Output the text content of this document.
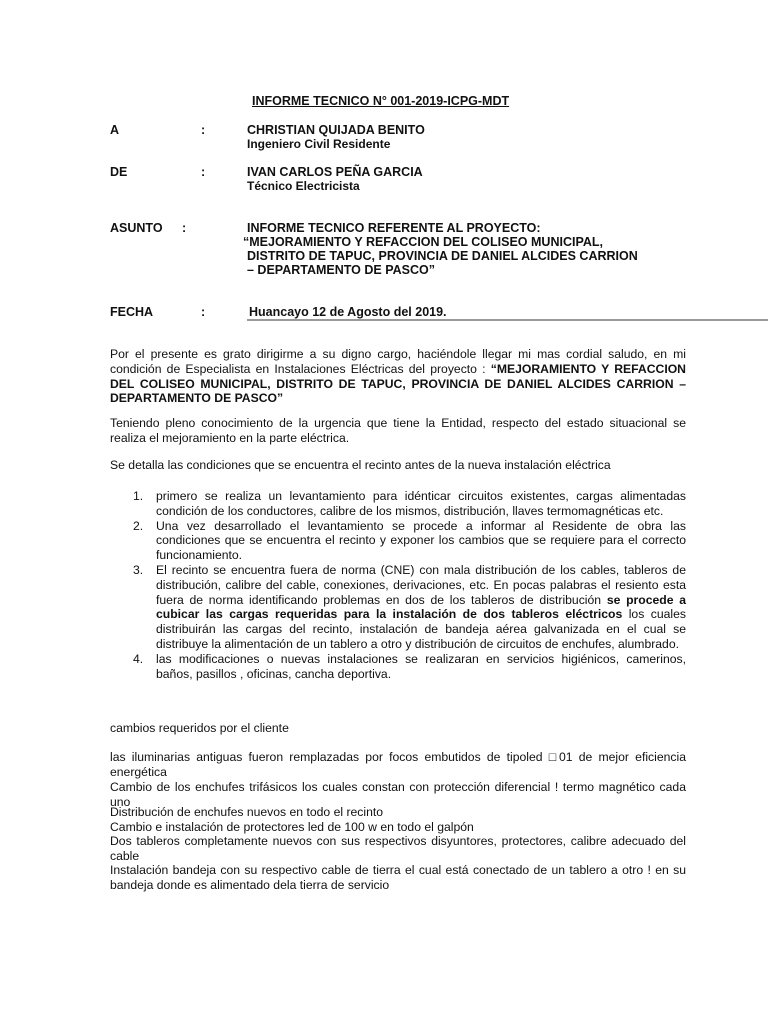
INFORME TECNICO N° 001-2019-ICPG-MDT
A	:	CHRISTIAN QUIJADA BENITO
Ingeniero Civil Residente
DE	:	IVAN CARLOS PEÑA GARCIA
Técnico Electricista
ASUNTO :	INFORME TECNICO REFERENTE AL PROYECTO:
“MEJORAMIENTO Y REFACCION DEL COLISEO MUNICIPAL,
DISTRITO DE TAPUC, PROVINCIA DE DANIEL ALCIDES CARRION
– DEPARTAMENTO DE PASCO”
FECHA	:	Huancayo 12 de Agosto del 2019.
Por el presente es grato dirigirme a su digno cargo, haciéndole llegar mi mas cordial saludo, en mi condición de Especialista en Instalaciones Eléctricas del proyecto : “MEJORAMIENTO Y REFACCION DEL COLISEO MUNICIPAL, DISTRITO DE TAPUC, PROVINCIA DE DANIEL ALCIDES CARRION – DEPARTAMENTO DE PASCO”
Teniendo pleno conocimiento de la urgencia que tiene la Entidad, respecto del estado situacional se realiza el mejoramiento en la parte eléctrica.
Se detalla las condiciones que se encuentra el recinto antes de la nueva instalación eléctrica
1. primero se realiza un levantamiento para idénticar circuitos existentes, cargas alimentadas condición de los conductores, calibre de los mismos, distribución, llaves termomagnéticas etc.
2. Una vez desarrollado el levantamiento se procede a informar al Residente de obra las condiciones que se encuentra el recinto y exponer los cambios que se requiere para el correcto funcionamiento.
3. El recinto se encuentra fuera de norma (CNE) con mala distribución de los cables, tableros de distribución, calibre del cable, conexiones, derivaciones, etc. En pocas palabras el resiento esta fuera de norma identificando problemas en dos de los tableros de distribución se procede a cubicar las cargas requeridas para la instalación de dos tableros eléctricos los cuales distribuirán las cargas del recinto, instalación de bandeja aérea galvanizada en el cual se distribuye la alimentación de un tablero a otro y distribución de circuitos de enchufes, alumbrado.
4. las modificaciones o nuevas instalaciones se realizaran en servicios higiénicos, camerinos, baños, pasillos , oficinas, cancha deportiva.
cambios requeridos por el cliente
las iluminarias antiguas fueron remplazadas por focos embutidos de tipoled □01 de mejor eficiencia energética
Cambio de los enchufes trifásicos los cuales constan con protección diferencial ! termo magnético cada uno
Distribución de enchufes nuevos en todo el recinto
Cambio e instalación de protectores led de 100 w en todo el galpón
Dos tableros completamente nuevos con sus respectivos disyuntores, protectores, calibre adecuado del cable
Instalación bandeja con su respectivo cable de tierra el cual está conectado de un tablero a otro ! en su bandeja donde es alimentado dela tierra de servicio
